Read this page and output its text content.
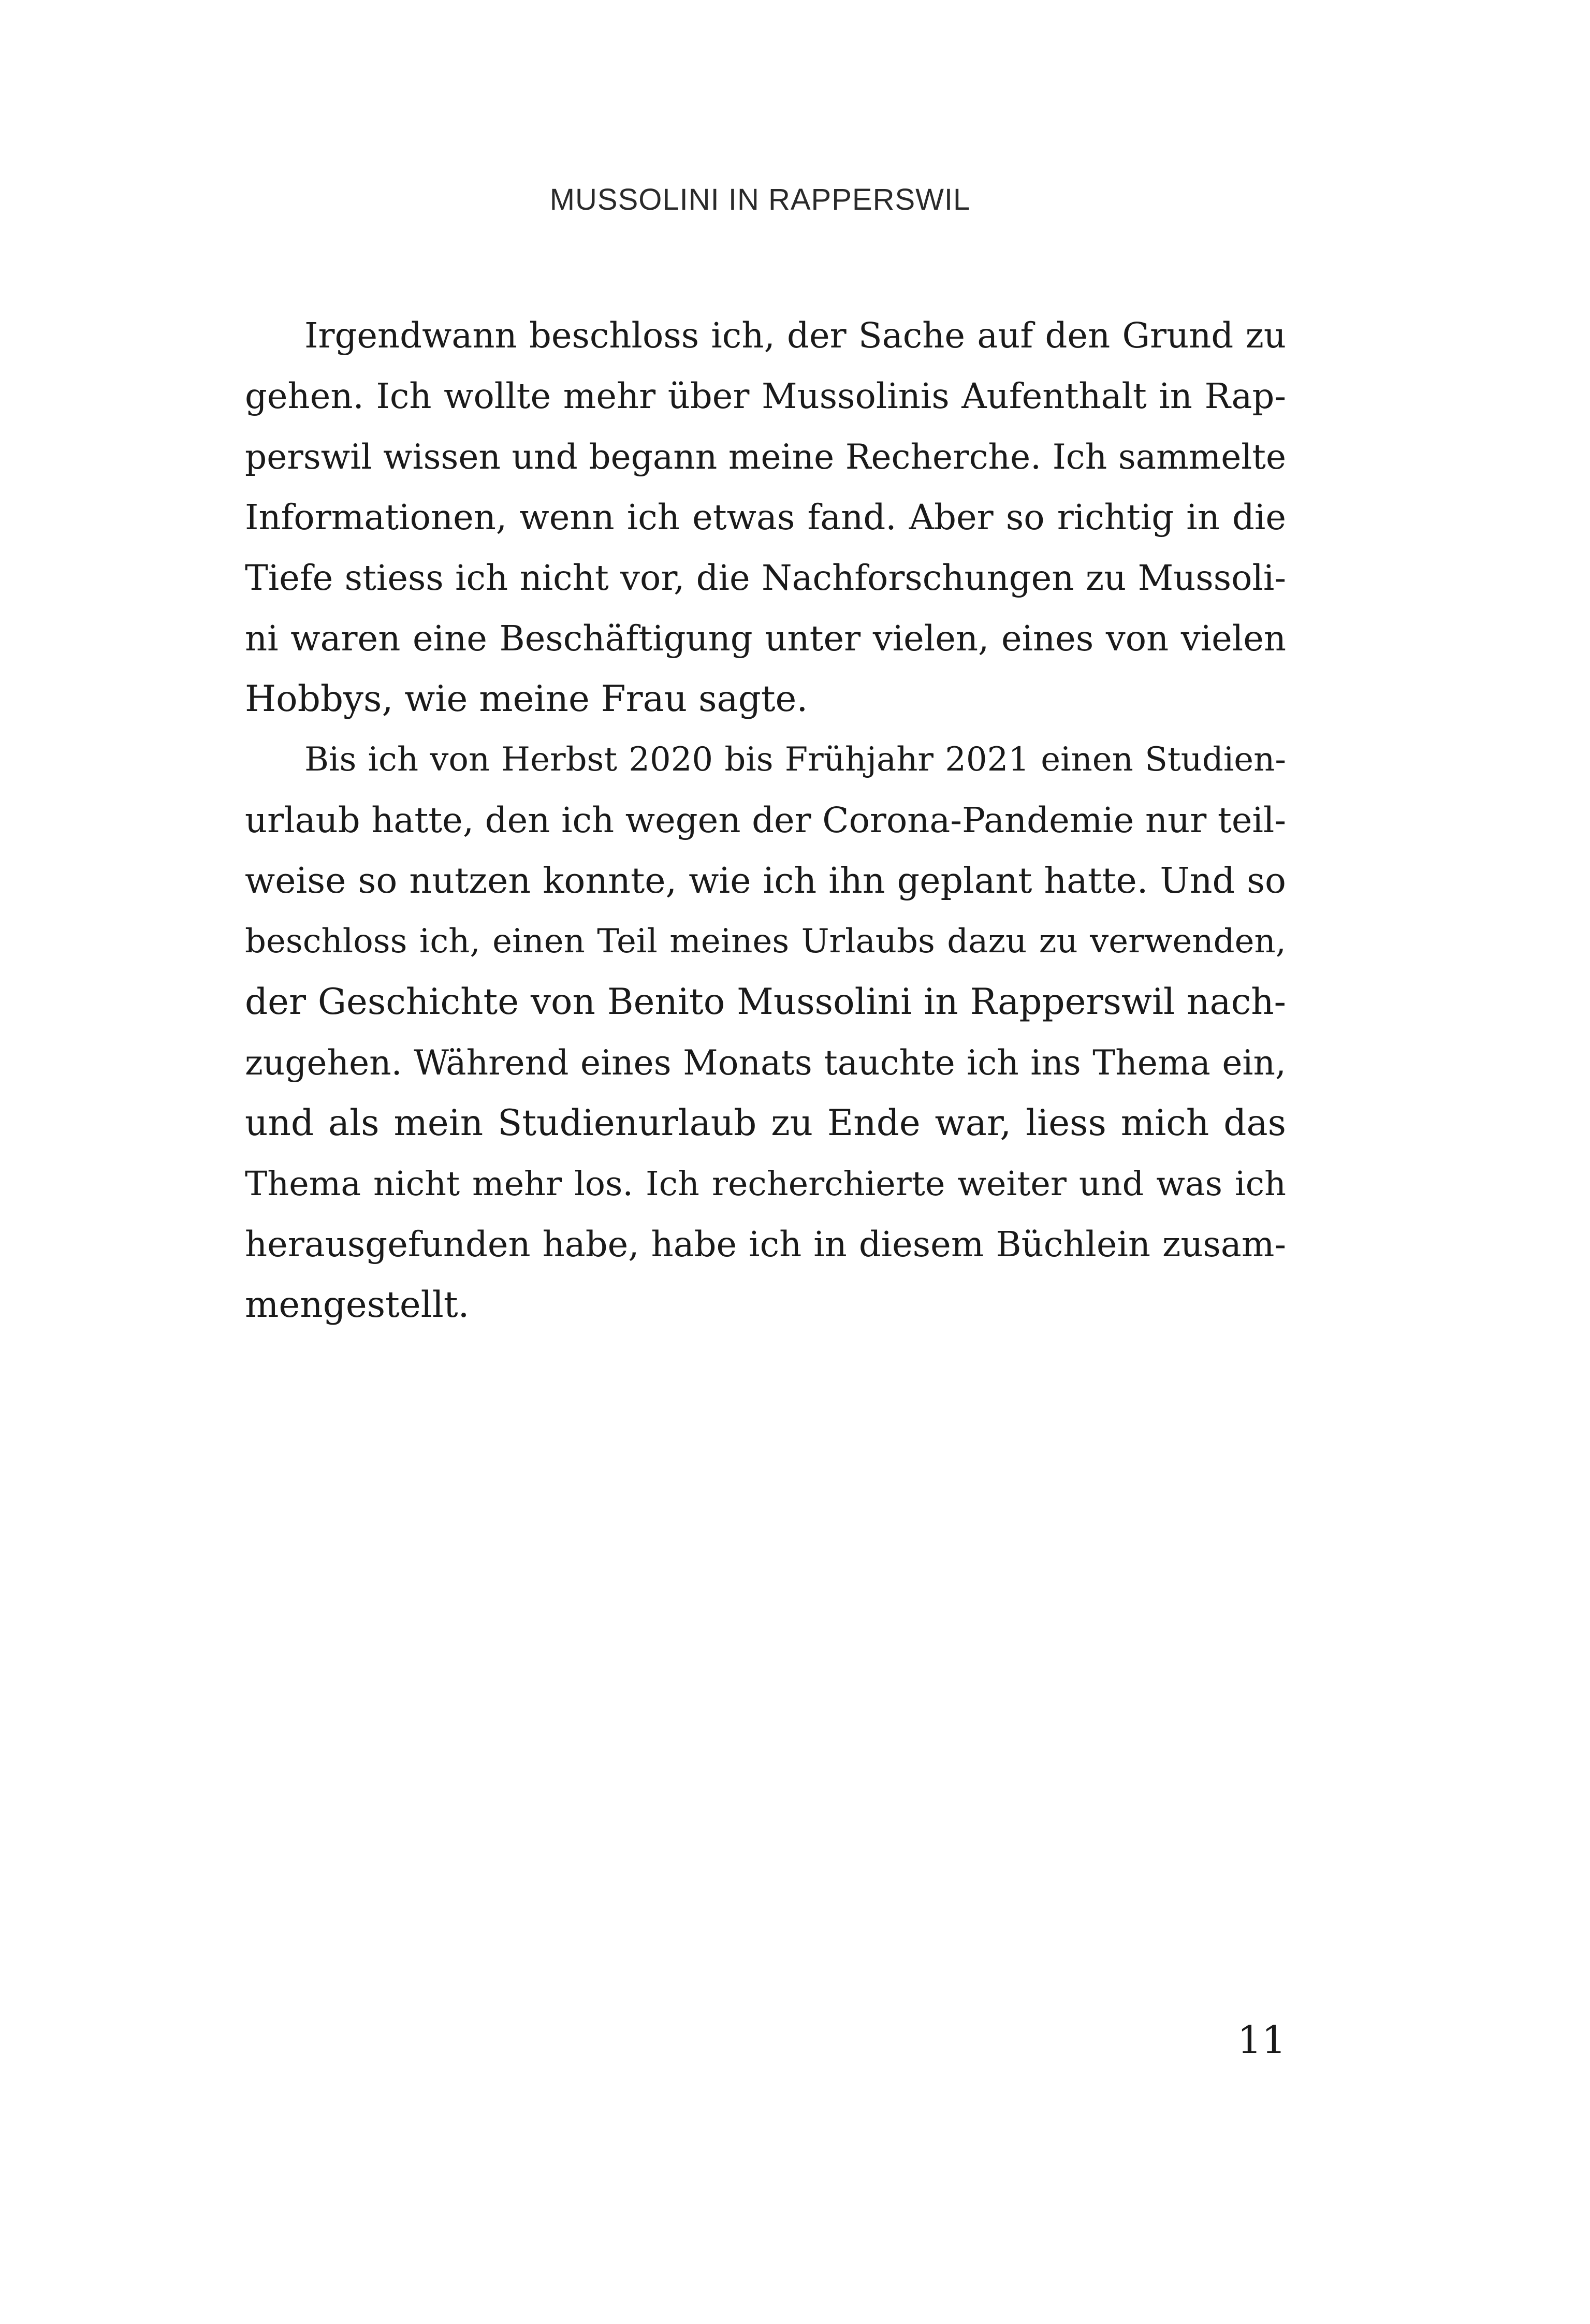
MUSSOLINI IN RAPPERSWIL
Irgendwann beschloss ich, der Sache auf den Grund zu
gehen. Ich wollte mehr über Mussolinis Aufenthalt in Rap-
perswil wissen und begann meine Recherche. Ich sammelte
Informationen, wenn ich etwas fand. Aber so richtig in die
Tiefe stiess ich nicht vor, die Nachforschungen zu Mussoli-
ni waren eine Beschäftigung unter vielen, eines von vielen
Hobbys, wie meine Frau sagte.
Bis ich von Herbst 2020 bis Frühjahr 2021 einen Studien-
urlaub hatte, den ich wegen der Corona-Pandemie nur teil-
weise so nutzen konnte, wie ich ihn geplant hatte. Und so
beschloss ich, einen Teil meines Urlaubs dazu zu verwenden,
der Geschichte von Benito Mussolini in Rapperswil nach-
zugehen. Während eines Monats tauchte ich ins Thema ein,
und als mein Studienurlaub zu Ende war, liess mich das
Thema nicht mehr los. Ich recherchierte weiter und was ich
herausgefunden habe, habe ich in diesem Büchlein zusam-
mengestellt.
11
